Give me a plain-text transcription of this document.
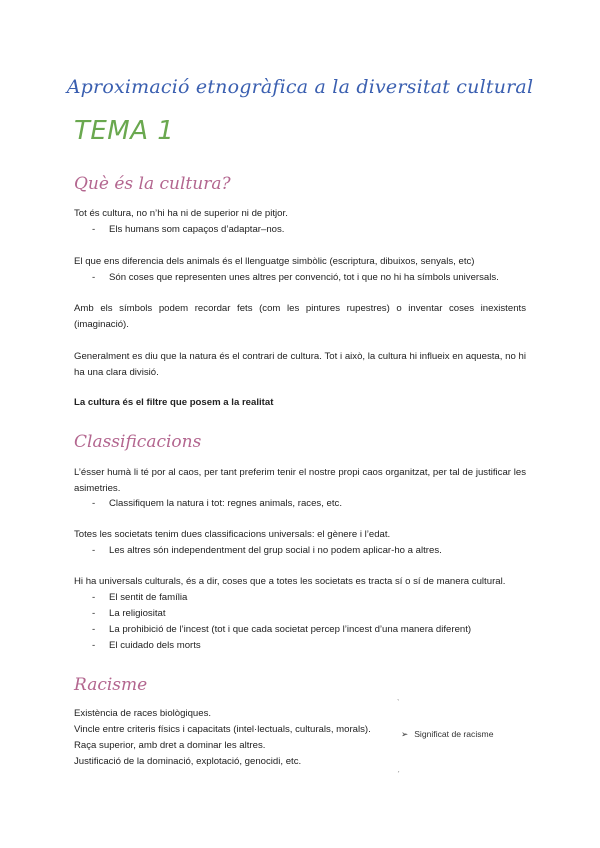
Aproximació etnogràfica a la diversitat cultural
TEMA 1
Què és la cultura?
Tot és cultura, no n’hi ha ni de superior ni de pitjor.
- Els humans som capaços d’adaptar–nos.
El que ens diferencia dels animals és el llenguatge simbòlic (escriptura, dibuixos, senyals, etc)
- Són coses que representen unes altres per convenció, tot i que no hi ha símbols universals.
Amb els símbols podem recordar fets (com les pintures rupestres) o inventar coses inexistents (imaginació).
Generalment es diu que la natura és el contrari de cultura. Tot i això, la cultura hi influeix en aquesta, no hi ha una clara divisió.
La cultura és el filtre que posem a la realitat
Classificacions
L’ésser humà li té por al caos, per tant preferim tenir el nostre propi caos organitzat, per tal de justificar les asimetries.
- Classifiquem la natura i tot: regnes animals, races, etc.
Totes les societats tenim dues classificacions universals: el gènere i l’edat.
- Les altres són independentment del grup social i no podem aplicar-ho a altres.
Hi ha universals culturals, és a dir, coses que a totes les societats es tracta sí o sí de manera cultural.
- El sentit de família
- La religiositat
- La prohibició de l’incest (tot i que cada societat percep l’incest d’una manera diferent)
- El cuidado dels morts
Racisme
Existència de races biològiques.
Vincle entre criteris físics i capacitats (intel·lectuals, culturals, morals).
Raça superior, amb dret a dominar les altres.
Justificació de la dominació, explotació, genocidi, etc.
ˎ
➢ Significat de racisme
ˏ
